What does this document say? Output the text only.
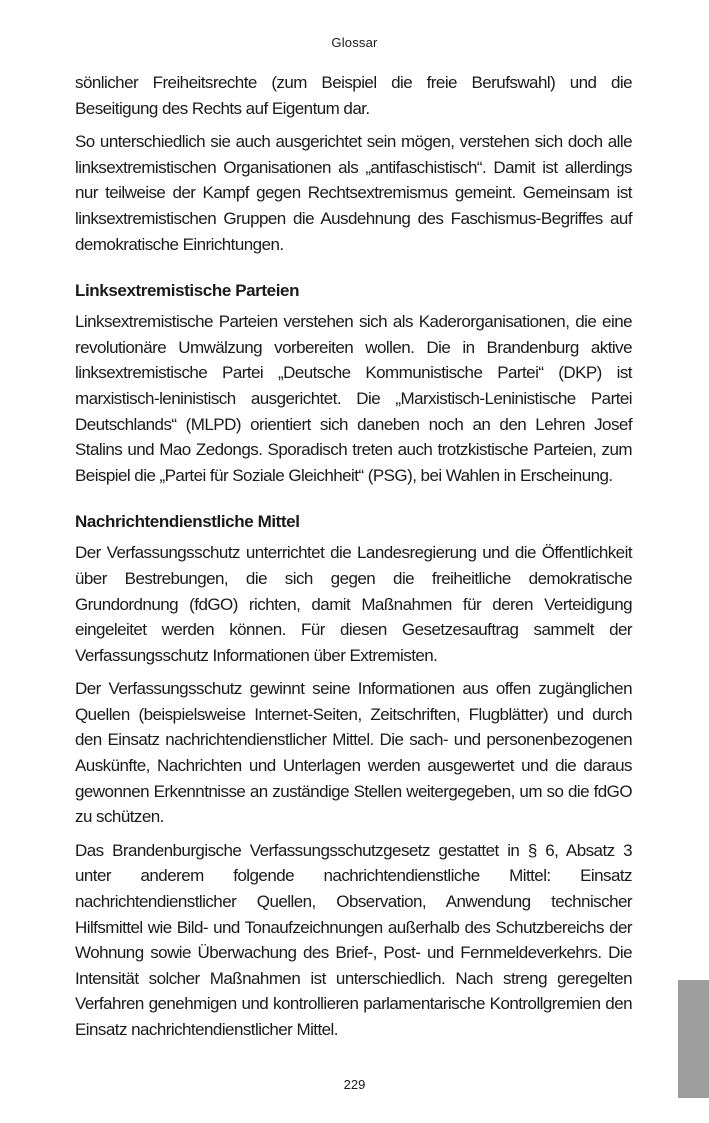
Glossar

sönlicher Freiheitsrechte (zum Beispiel die freie Berufswahl) und die Beseitigung des Rechts auf Eigentum dar.

So unterschiedlich sie auch ausgerichtet sein mögen, verstehen sich doch alle linksextremistischen Organisationen als „antifaschistisch“. Damit ist allerdings nur teilweise der Kampf gegen Rechtsextremismus gemeint. Gemeinsam ist linksextremistischen Gruppen die Ausdehnung des Faschismus-Begriffes auf demokratische Einrichtungen.

Linksextremistische Parteien

Linksextremistische Parteien verstehen sich als Kaderorganisationen, die eine revolutionäre Umwälzung vorbereiten wollen. Die in Brandenburg aktive linksextremistische Partei „Deutsche Kommunistische Partei“ (DKP) ist marxistisch-leninistisch ausgerichtet. Die „Marxistisch-Leninistische Partei Deutschlands“ (MLPD) orientiert sich daneben noch an den Lehren Josef Stalins und Mao Zedongs. Sporadisch treten auch trotzkistische Parteien, zum Beispiel die „Partei für Soziale Gleichheit“ (PSG), bei Wahlen in Erscheinung.

Nachrichtendienstliche Mittel

Der Verfassungsschutz unterrichtet die Landesregierung und die Öffentlichkeit über Bestrebungen, die sich gegen die freiheitliche demokratische Grundordnung (fdGO) richten, damit Maßnahmen für deren Verteidigung eingeleitet werden können. Für diesen Gesetzesauftrag sammelt der Verfassungsschutz Informationen über Extremisten.

Der Verfassungsschutz gewinnt seine Informationen aus offen zugänglichen Quellen (beispielsweise Internet-Seiten, Zeitschriften, Flugblätter) und durch den Einsatz nachrichtendienstlicher Mittel. Die sach- und personenbezogenen Auskünfte, Nachrichten und Unterlagen werden ausgewertet und die daraus gewonnen Erkenntnisse an zuständige Stellen weitergegeben, um so die fdGO zu schützen.

Das Brandenburgische Verfassungsschutzgesetz gestattet in § 6, Absatz 3 unter anderem folgende nachrichtendienstliche Mittel: Einsatz nachrichtendienstlicher Quellen, Observation, Anwendung technischer Hilfsmittel wie Bild- und Tonaufzeichnungen außerhalb des Schutzbereichs der Wohnung sowie Überwachung des Brief-, Post- und Fernmeldeverkehrs. Die Intensität solcher Maßnahmen ist unterschiedlich. Nach streng geregelten Verfahren genehmigen und kontrollieren parlamentarische Kontrollgremien den Einsatz nachrichtendienstlicher Mittel.

229
